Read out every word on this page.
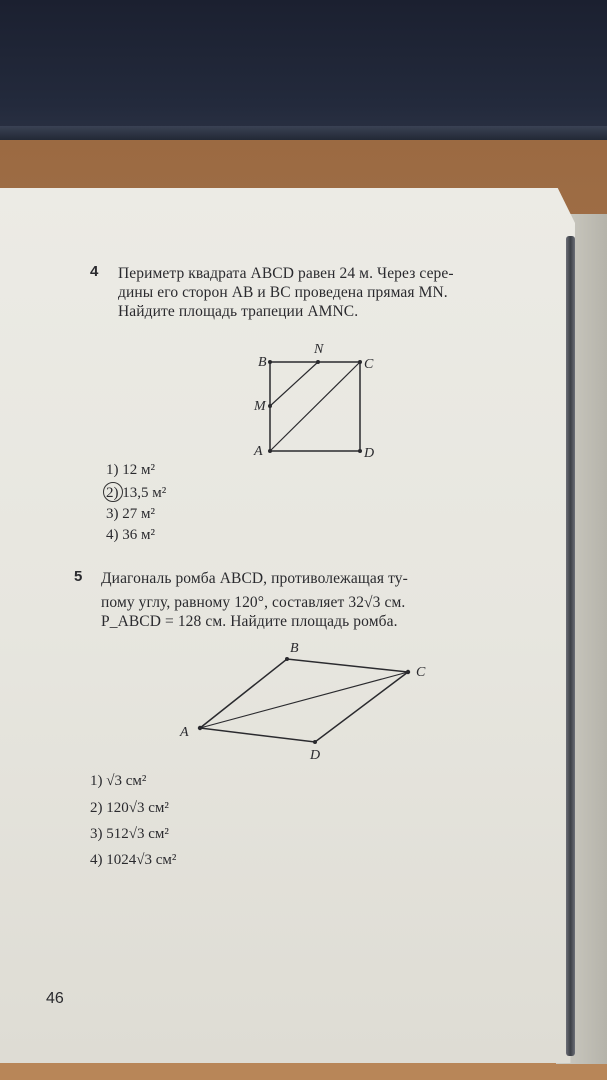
4 Периметр квадрата ABCD равен 24 м. Через сере-
дины его сторон AB и BC проведена прямая MN.
Найдите площадь трапеции AMNC.
B
N
C
M
A	D
1) 12 м²
2) 13,5 м²
3) 27 м²
4) 36 м²
5 Диагональ ромба ABCD, противолежащая ту-
пому углу, равному 120°, составляет 32√3 см.
P_ABCD = 128 см. Найдите площадь ромба.
B
C
A
D
1) √3 см²
2) 120√3 см²
3) 512√3 см²
4) 1024√3 см²
46
